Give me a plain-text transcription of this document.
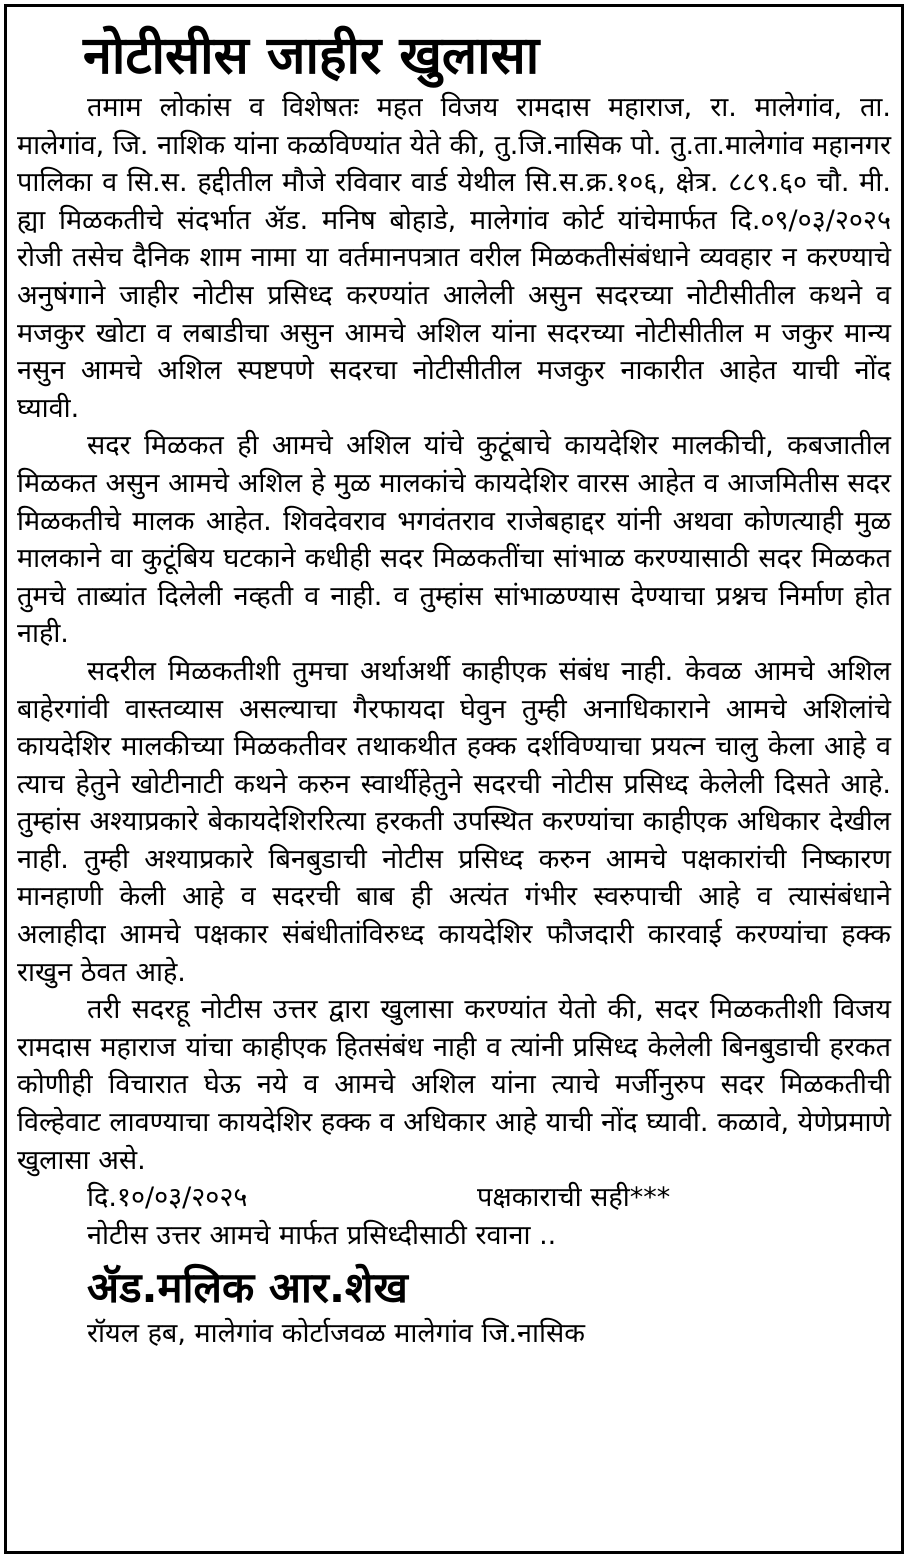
नोटीसीस जाहीर खुलासा

तमाम लोकांस व विशेषतः महत विजय रामदास महाराज, रा. मालेगांव, ता. मालेगांव, जि. नाशिक यांना कळविण्यांत येते की, तु.जि.नासिक पो. तु.ता.मालेगांव महानगर पालिका व सि.स. हद्दीतील मौजे रविवार वार्ड येथील सि.स.क्र.१०६, क्षेत्र. ८८९.६० चौ. मी. ह्या मिळकतीचे संदर्भात ॲड. मनिष बोहाडे, मालेगांव कोर्ट यांचेमार्फत दि.०९/०३/२०२५ रोजी तसेच दैनिक शाम नामा या वर्तमानपत्रात वरील मिळकतीसंबंधाने व्यवहार न करण्याचे अनुषंगाने जाहीर नोटीस प्रसिध्द करण्यांत आलेली असुन सदरच्या नोटीसीतील कथने व मजकुर खोटा व लबाडीचा असुन आमचे अशिल यांना सदरच्या नोटीसीतील म जकुर मान्य नसुन आमचे अशिल स्पष्टपणे सदरचा नोटीसीतील मजकुर नाकारीत आहेत याची नोंद घ्यावी.

सदर मिळकत ही आमचे अशिल यांचे कुटूंबाचे कायदेशिर मालकीची, कबजातील मिळकत असुन आमचे अशिल हे मुळ मालकांचे कायदेशिर वारस आहेत व आजमितीस सदर मिळकतीचे मालक आहेत. शिवदेवराव भगवंतराव राजेबहाद्दर यांनी अथवा कोणत्याही मुळ मालकाने वा कुटूंबिय घटकाने कधीही सदर मिळकतींचा सांभाळ करण्यासाठी सदर मिळकत तुमचे ताब्यांत दिलेली नव्हती व नाही. व तुम्हांस सांभाळण्यास देण्याचा प्रश्नच निर्माण होत नाही.

सदरील मिळकतीशी तुमचा अर्थाअर्थी काहीएक संबंध नाही. केवळ आमचे अशिल बाहेरगांवी वास्तव्यास असल्याचा गैरफायदा घेवुन तुम्ही अनाधिकाराने आमचे अशिलांचे कायदेशिर मालकीच्या मिळकतीवर तथाकथीत हक्क दर्शविण्याचा प्रयत्न चालु केला आहे व त्याच हेतुने खोटीनाटी कथने करुन स्वार्थीहेतुने सदरची नोटीस प्रसिध्द केलेली दिसते आहे. तुम्हांस अश्याप्रकारे बेकायदेशिररित्या हरकती उपस्थित करण्यांचा काहीएक अधिकार देखील नाही. तुम्ही अश्याप्रकारे बिनबुडाची नोटीस प्रसिध्द करुन आमचे पक्षकारांची निष्कारण मानहाणी केली आहे व सदरची बाब ही अत्यंत गंभीर स्वरुपाची आहे व त्यासंबंधाने अलाहीदा आमचे पक्षकार संबंधीतांविरुध्द कायदेशिर फौजदारी कारवाई करण्यांचा हक्क राखुन ठेवत आहे.

तरी सदरहू नोटीस उत्तर द्वारा खुलासा करण्यांत येतो की, सदर मिळकतीशी विजय रामदास महाराज यांचा काहीएक हितसंबंध नाही व त्यांनी प्रसिध्द केलेली बिनबुडाची हरकत कोणीही विचारात घेऊ नये व आमचे अशिल यांना त्याचे मर्जीनुरुप सदर मिळकतीची विल्हेवाट लावण्याचा कायदेशिर हक्क व अधिकार आहे याची नोंद घ्यावी. कळावे, येणेप्रमाणे खुलासा असे.

दि.१०/०३/२०२५	पक्षकाराची सही***

नोटीस उत्तर आमचे मार्फत प्रसिध्दीसाठी रवाना ..

ॲड.मलिक आर.शेख

रॉयल हब, मालेगांव कोर्टाजवळ मालेगांव जि.नासिक
